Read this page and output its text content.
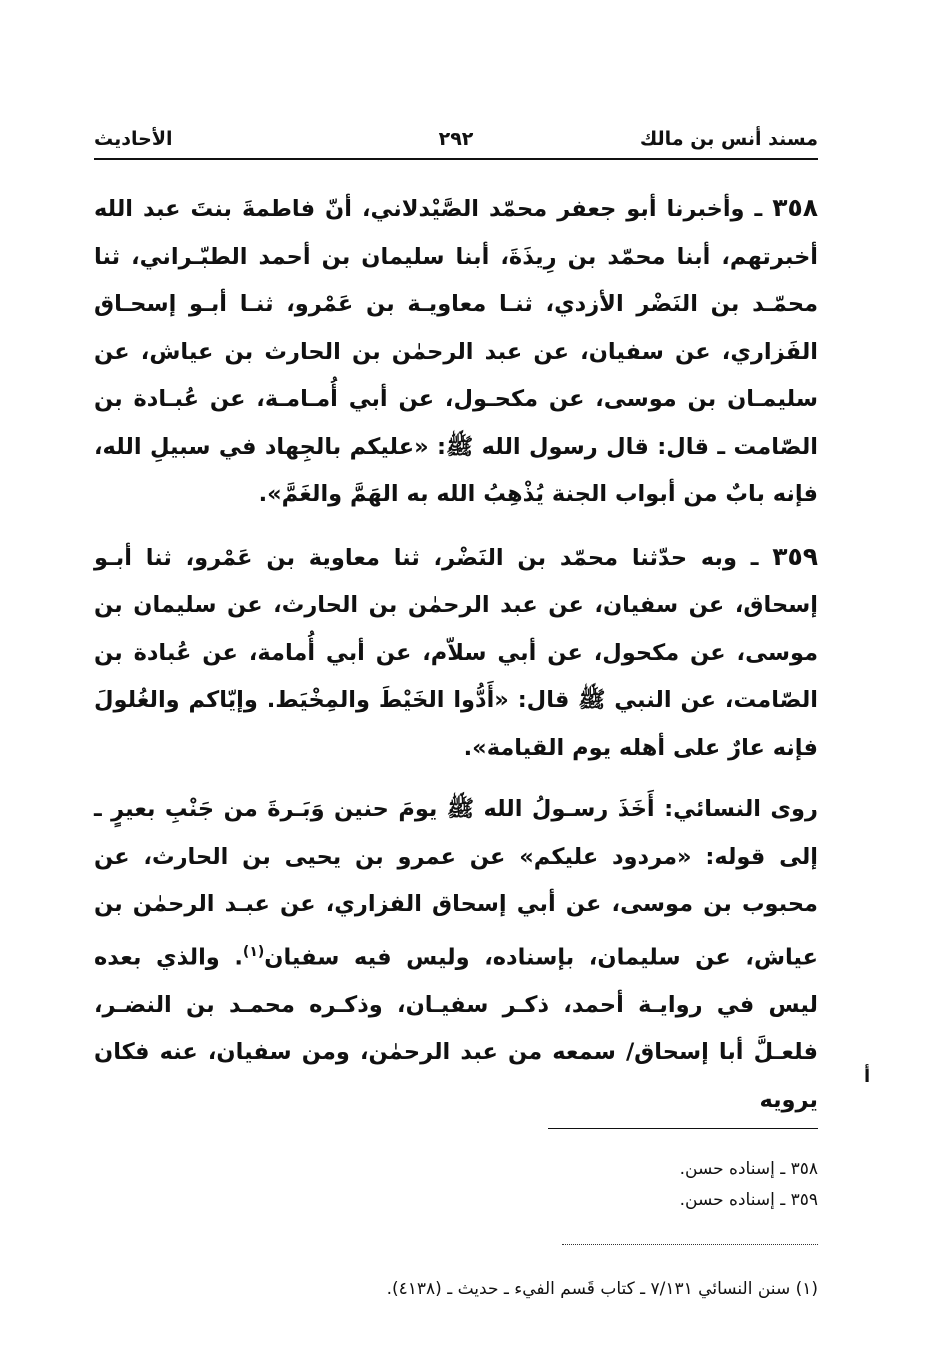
مسند أنس بن مالك
٢٩٢
الأحاديث

٣٥٨ ـ وأخبرنا أبو جعفر محمّد الصَّيْدلاني، أنّ فاطمةَ بنتَ عبد الله أخبرتهم، أبنا محمّد بن رِيذَةَ، أبنا سليمان بن أحمد الطبّـراني، ثنا محمّـد بن النَضْر الأزدي، ثنـا معاويـة بن عَمْرو، ثنـا أبـو إسحـاق الفَزاري، عن سفيان، عن عبد الرحمٰن بن الحارث بن عياش، عن سليمـان بن موسى، عن مكحـول، عن أبي أُمـامـة، عن عُبـادة بن الصّامت ـ قال: قال رسول الله ﷺ: «عليكم بالجِهاد في سبيلِ الله، فإنه بابٌ من أبواب الجنة يُذْهِبُ الله به الهَمَّ والغَمَّ».

٣٥٩ ـ وبه حدّثنا محمّد بن النَضْر، ثنا معاوية بن عَمْرو، ثنا أبـو إسحاق، عن سفيان، عن عبد الرحمٰن بن الحارث، عن سليمان بن موسى، عن مكحول، عن أبي سلاّم، عن أبي أُمامة، عن عُبادة بن الصّامت، عن النبي ﷺ قال: «أَدُّوا الخَيْطَ والمِخْيَط. وإيّاكم والغُلولَ فإنه عارٌ على أهله يوم القيامة».

روى النسائي: أَخَذَ رسـولُ الله ﷺ يومَ حنين وَبَـرةَ من جَنْبِ بعيرٍ ـ إلى قوله: «مردود عليكم» عن عمرو بن يحيى بن الحارث، عن محبوب بن موسى، عن أبي إسحاق الفزاري، عن عبـد الرحمٰن بن عياش، عن سليمان، بإسناده، وليس فيه سفيان$^{(١)}$. والذي بعده ليس في روايـة أحمد، ذكـر سفيـان، وذكـره محمـد بن النضـر، فلعـلَّ أبا إسحاق/ سمعه من عبد الرحمٰن، ومن سفيان، عنه فكان يرويه

أ
٣٥٨ ـ إسناده حسن.
٣٥٩ ـ إسناده حسن.
(١) سنن النسائي ٧/١٣١ ـ كتاب قَسم الفيء ـ حديث ـ (٤١٣٨).
